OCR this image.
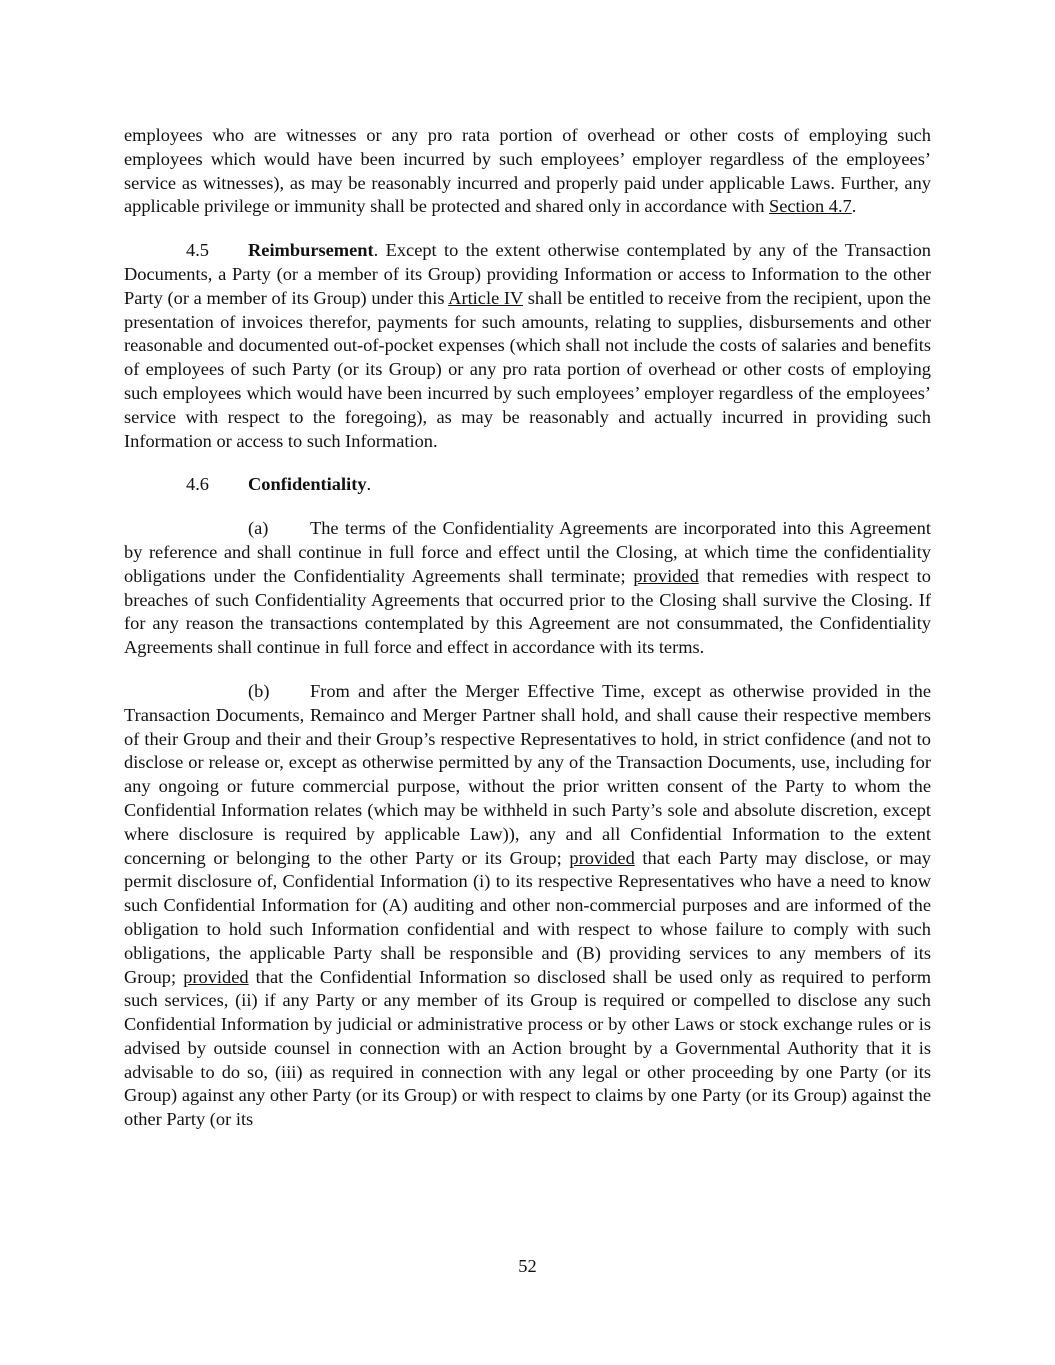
employees who are witnesses or any pro rata portion of overhead or other costs of employing such employees which would have been incurred by such employees’ employer regardless of the employees’ service as witnesses), as may be reasonably incurred and properly paid under applicable Laws. Further, any applicable privilege or immunity shall be protected and shared only in accordance with Section 4.7.

4.5 Reimbursement. Except to the extent otherwise contemplated by any of the Transaction Documents, a Party (or a member of its Group) providing Information or access to Information to the other Party (or a member of its Group) under this Article IV shall be entitled to receive from the recipient, upon the presentation of invoices therefor, payments for such amounts, relating to supplies, disbursements and other reasonable and documented out-of-pocket expenses (which shall not include the costs of salaries and benefits of employees of such Party (or its Group) or any pro rata portion of overhead or other costs of employing such employees which would have been incurred by such employees’ employer regardless of the employees’ service with respect to the foregoing), as may be reasonably and actually incurred in providing such Information or access to such Information.

4.6 Confidentiality.

(a) The terms of the Confidentiality Agreements are incorporated into this Agreement by reference and shall continue in full force and effect until the Closing, at which time the confidentiality obligations under the Confidentiality Agreements shall terminate; provided that remedies with respect to breaches of such Confidentiality Agreements that occurred prior to the Closing shall survive the Closing. If for any reason the transactions contemplated by this Agreement are not consummated, the Confidentiality Agreements shall continue in full force and effect in accordance with its terms.

(b) From and after the Merger Effective Time, except as otherwise provided in the Transaction Documents, Remainco and Merger Partner shall hold, and shall cause their respective members of their Group and their and their Group’s respective Representatives to hold, in strict confidence (and not to disclose or release or, except as otherwise permitted by any of the Transaction Documents, use, including for any ongoing or future commercial purpose, without the prior written consent of the Party to whom the Confidential Information relates (which may be withheld in such Party’s sole and absolute discretion, except where disclosure is required by applicable Law)), any and all Confidential Information to the extent concerning or belonging to the other Party or its Group; provided that each Party may disclose, or may permit disclosure of, Confidential Information (i) to its respective Representatives who have a need to know such Confidential Information for (A) auditing and other non-commercial purposes and are informed of the obligation to hold such Information confidential and with respect to whose failure to comply with such obligations, the applicable Party shall be responsible and (B) providing services to any members of its Group; provided that the Confidential Information so disclosed shall be used only as required to perform such services, (ii) if any Party or any member of its Group is required or compelled to disclose any such Confidential Information by judicial or administrative process or by other Laws or stock exchange rules or is advised by outside counsel in connection with an Action brought by a Governmental Authority that it is advisable to do so, (iii) as required in connection with any legal or other proceeding by one Party (or its Group) against any other Party (or its Group) or with respect to claims by one Party (or its Group) against the other Party (or its

52
